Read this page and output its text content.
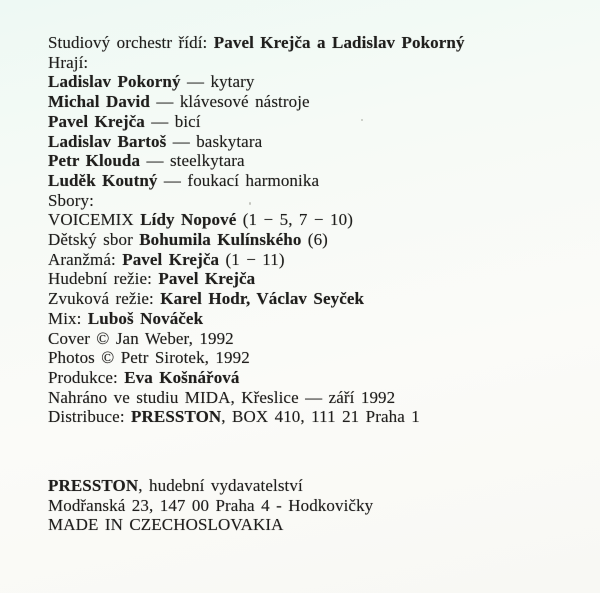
Studiový orchestr řídí: Pavel Krejča a Ladislav Pokorný
Hrají:
Ladislav Pokorný — kytary
Michal David — klávesové nástroje
Pavel Krejča — bicí
Ladislav Bartoš — baskytara
Petr Klouda — steelkytara
Luděk Koutný — foukací harmonika
Sbory:
VOICEMIX Lídy Nopové (1 − 5, 7 − 10)
Dětský sbor Bohumila Kulínského (6)
Aranžmá: Pavel Krejča (1 − 11)
Hudební režie: Pavel Krejča
Zvuková režie: Karel Hodr, Václav Seyček
Mix: Luboš Nováček
Cover © Jan Weber, 1992
Photos © Petr Sirotek, 1992
Produkce: Eva Košnářová
Nahráno ve studiu MIDA, Křeslice — září 1992
Distribuce: PRESSTON, BOX 410, 111 21 Praha 1
PRESSTON, hudební vydavatelství
Modřanská 23, 147 00 Praha 4 - Hodkovičky
MADE IN CZECHOSLOVAKIA
